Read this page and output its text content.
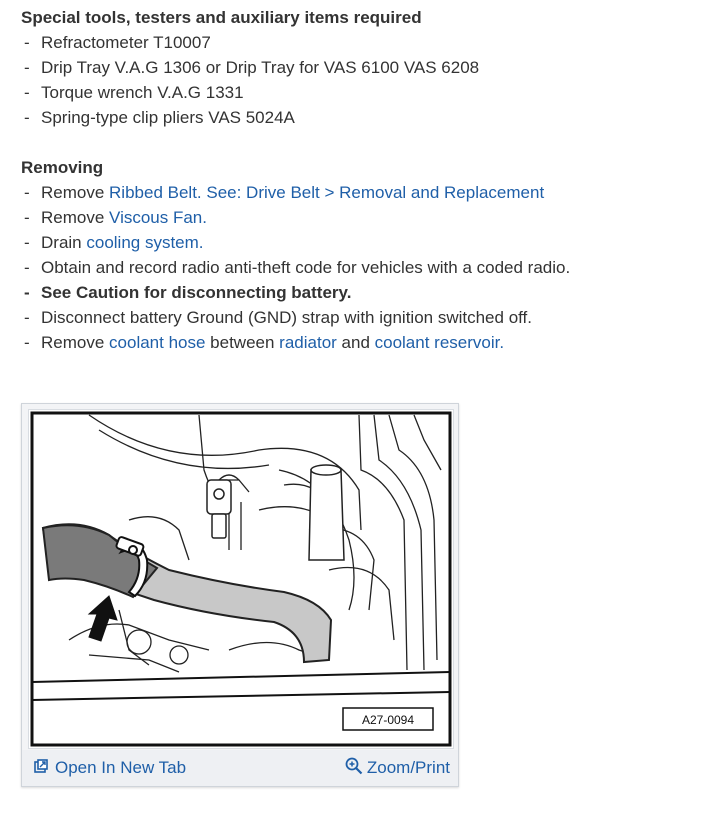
Special tools, testers and auxiliary items required

- Refractometer T10007
- Drip Tray V.A.G 1306 or Drip Tray for VAS 6100 VAS 6208
- Torque wrench V.A.G 1331
- Spring-type clip pliers VAS 5024A

Removing

- Remove Ribbed Belt. See: Drive Belt > Removal and Replacement
- Remove Viscous Fan.
- Drain cooling system.
- Obtain and record radio anti-theft code for vehicles with a coded radio.
- See Caution for disconnecting battery.
- Disconnect battery Ground (GND) strap with ignition switched off.
- Remove coolant hose between radiator and coolant reservoir.
A27-0094
Open In New Tab	Zoom/Print
